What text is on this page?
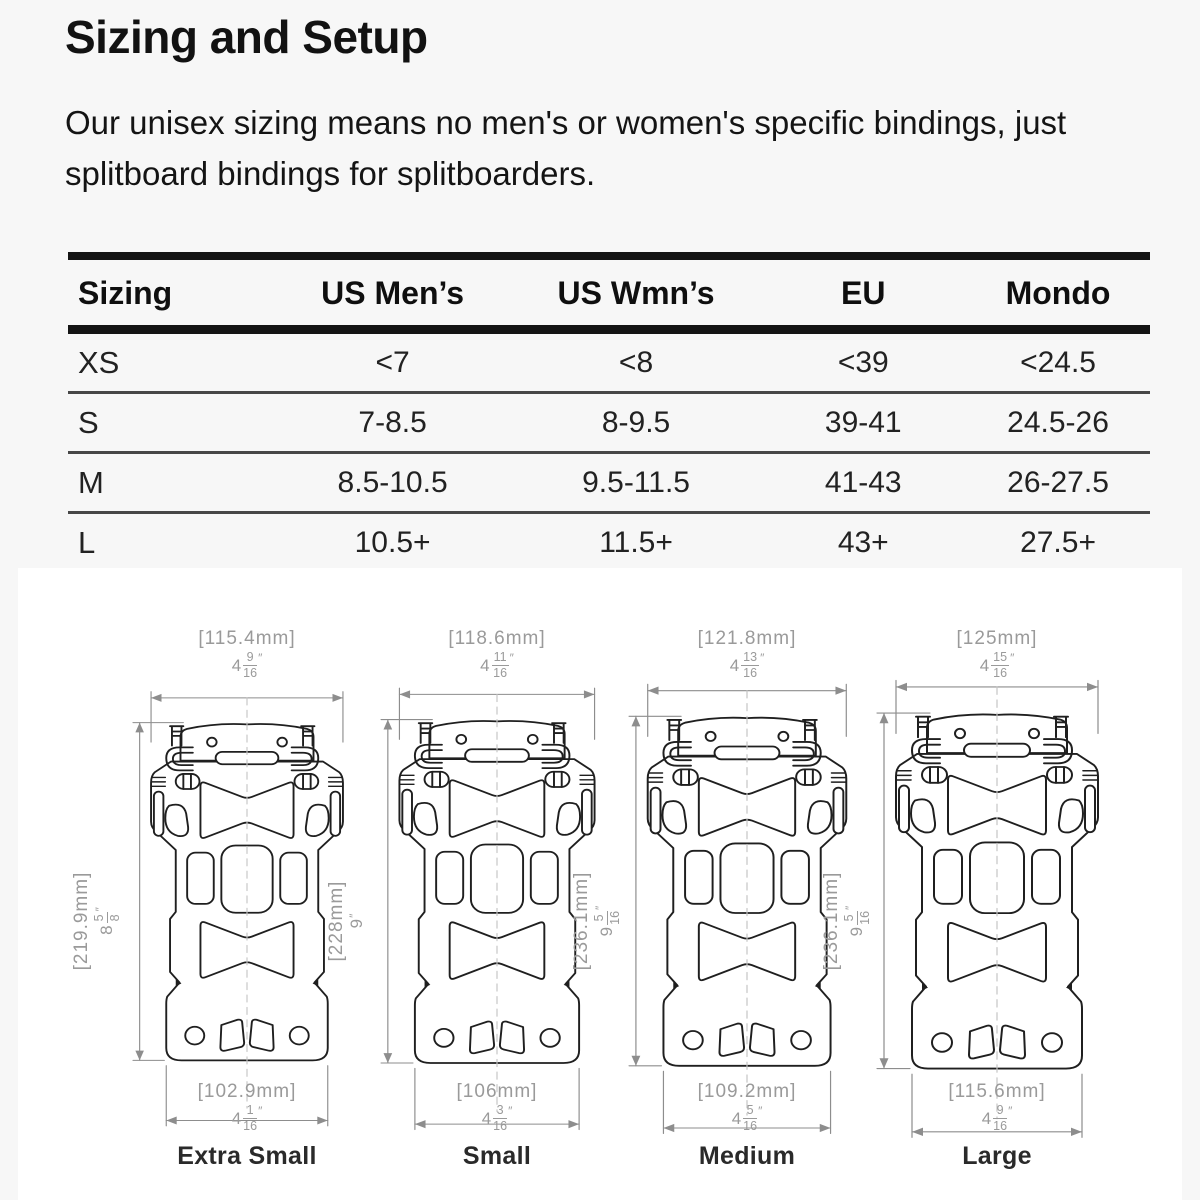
Sizing and Setup

Our unisex sizing means no men's or women's specific bindings, just splitboard bindings for splitboarders.

Sizing	US Men’s	US Wmn’s	EU	Mondo
XS	<7	<8	<39	<24.5
S	7-8.5	8-9.5	39-41	24.5-26
M	8.5-10.5	9.5-11.5	41-43	26-27.5
L	10.5+	11.5+	43+	27.5+
[115.4mm]
$4 \frac{9}{16}$ ″
[219.9mm] 8
5 8
″
[102.9mm]
$4 \frac{1}{16}$ ″
Extra Small
[118.6mm]
$4 \frac{11}{16}$ ″
[228mm] 9
″
[106mm]
$4 \frac{3}{16}$ ″
Small
[121.8mm]
$4 \frac{13}{16}$ ″
[236.1mm] 9
5 16
″
[109.2mm]
$4 \frac{5}{16}$ ″
Medium
[125mm]
$4 \frac{15}{16}$ ″
[236.1mm] 9
5 16
″
[115.6mm]
$4 \frac{9}{16}$ ″
Large
